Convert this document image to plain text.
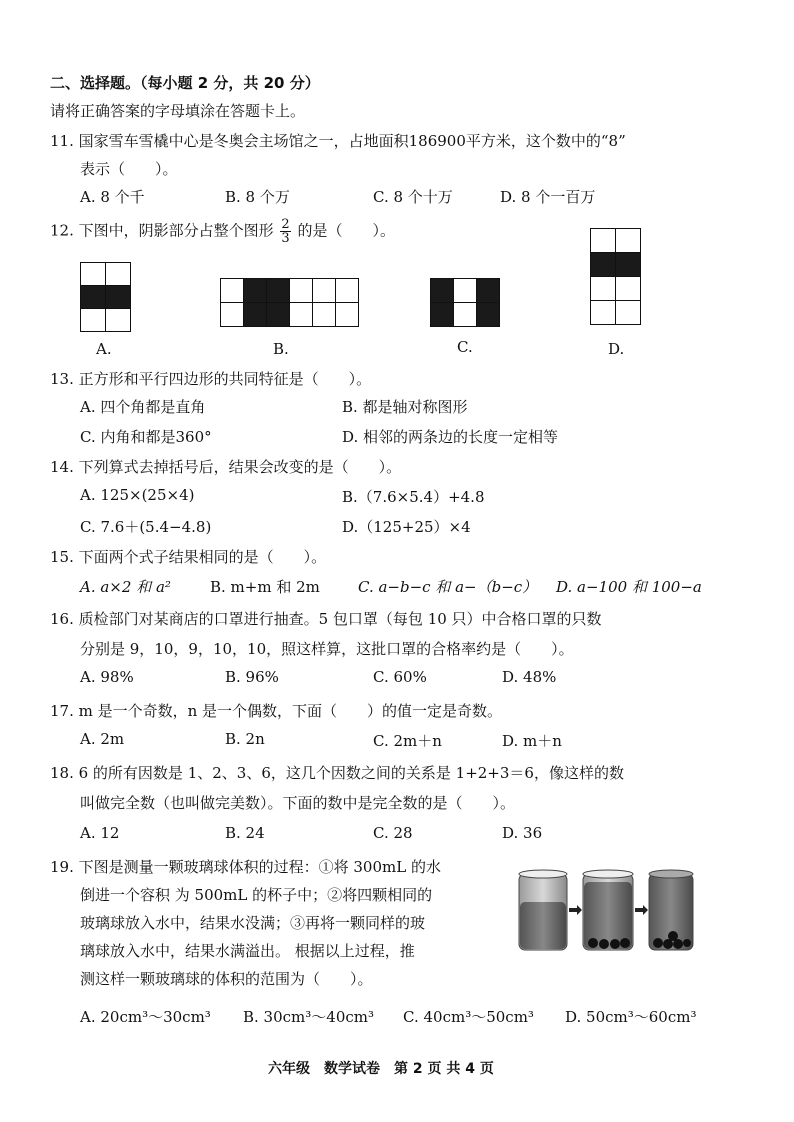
二、选择题。（每小题 2 分，共 20 分）
请将正确答案的字母填涂在答题卡上。
11. 国家雪车雪橇中心是冬奥会主场馆之一，占地面积186900平方米，这个数中的“8”
表示（　　）。
A. 8 个千	B. 8 个万	C. 8 个十万	D. 8 个一百万
12. 下图中，阴影部分占整个图形 $\frac{2}{3}$ 的是（　　）。

A.

						B.

			C.

		D.
13. 正方形和平行四边形的共同特征是（　　）。
A. 四个角都是直角	B. 都是轴对称图形
C. 内角和都是360°	D. 相邻的两条边的长度一定相等
14. 下列算式去掉括号后，结果会改变的是（　　）。
A. 125×(25×4)	B.（7.6×5.4）+4.8
C. 7.6＋(5.4−4.8)	D.（125+25）×4
15. 下面两个式子结果相同的是（　　）。
A. a×2 和 a²	B. m+m 和 2m	C. a−b−c 和 a−（b−c） D. a−100 和 100−a
16. 质检部门对某商店的口罩进行抽查。5 包口罩（每包 10 只）中合格口罩的只数
分别是 9，10，9，10，10，照这样算，这批口罩的合格率约是（　　）。
A. 98%	B. 96%	C. 60%	D. 48%
17. m 是一个奇数，n 是一个偶数，下面（　　）的值一定是奇数。
A. 2m	B. 2n	C. 2m＋n	D. m＋n
18. 6 的所有因数是 1、2、3、6，这几个因数之间的关系是 1+2+3＝6，像这样的数
叫做完全数（也叫做完美数）。下面的数中是完全数的是（　　）。
A. 12	B. 24	C. 28	D. 36
19. 下图是测量一颗玻璃球体积的过程：①将 300mL 的水
倒进一个容积 为 500mL 的杯子中；②将四颗相同的
玻璃球放入水中，结果水没满；③再将一颗同样的玻
璃球放入水中，结果水满溢出。 根据以上过程，推
测这样一颗玻璃球的体积的范围为（　　）。
A. 20cm³～30cm³ B. 30cm³～40cm³ C. 40cm³～50cm³ D. 50cm³～60cm³
六年级　数学试卷　第 2 页 共 4 页
